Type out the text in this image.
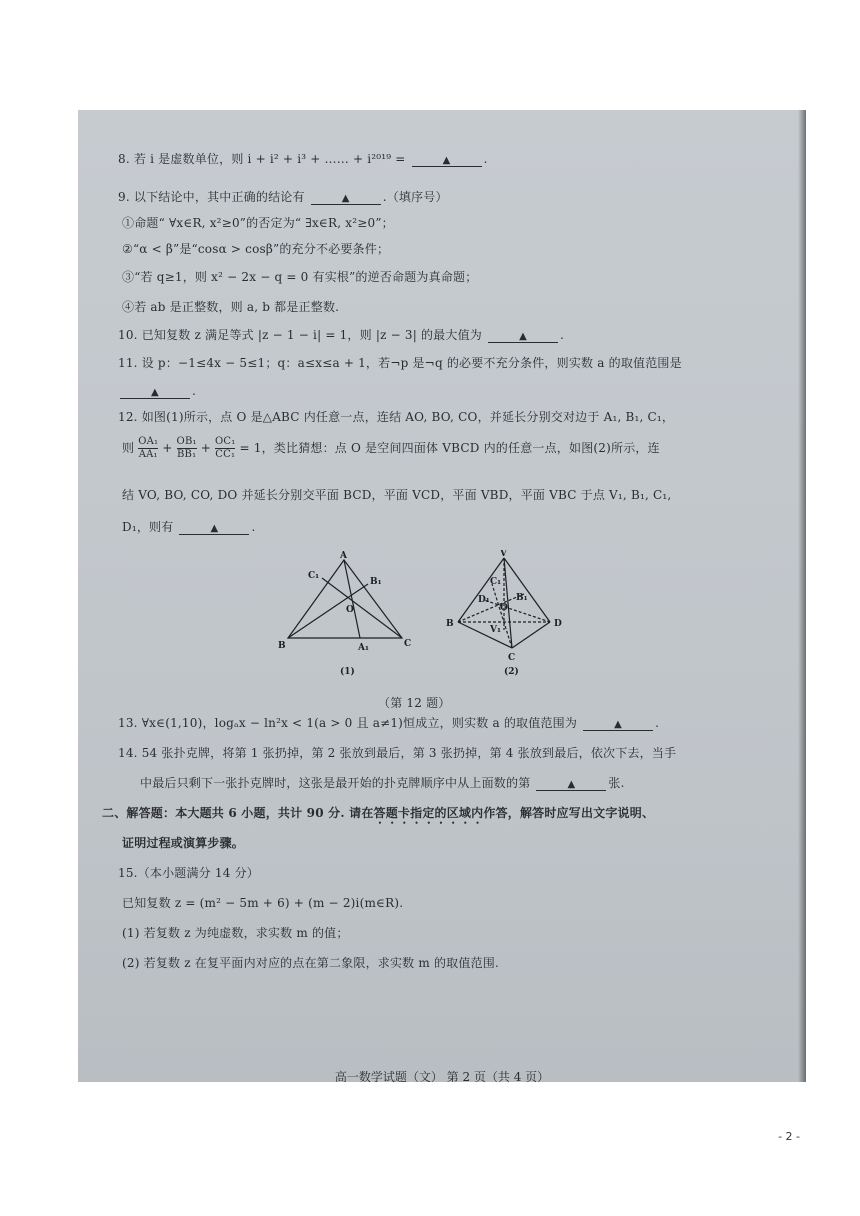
8. 若 i 是虚数单位，则 i + i² + i³ + …… + i²⁰¹⁹ =	▲	.
9. 以下结论中，其中正确的结论有	▲	.（填序号）
①命题“ ∀x∈R, x²≥0”的否定为“ ∃x∈R, x²≥0”；
②“α < β”是“cosα > cosβ”的充分不必要条件；
③“若 q≥1，则 x² − 2x − q = 0 有实根”的逆否命题为真命题；
④若 ab 是正整数，则 a, b 都是正整数.
10. 已知复数 z 满足等式 |z − 1 − i| = 1，则 |z − 3| 的最大值为	▲	.
11. 设 p：−1≤4x − 5≤1；q：a≤x≤a + 1，若¬p 是¬q 的必要不充分条件，则实数 a 的取值范围是
▲	.
12. 如图(1)所示，点 O 是△ABC 内任意一点，连结 AO, BO, CO，并延长分别交对边于 A₁, B₁, C₁，
则 $\frac{\text{OA₁}}{\text{AA₁}} + \frac{\text{OB₁}}{\text{BB₁}} + \frac{\text{OC₁}}{\text{CC₁}} = 1$，类比猜想：点 O 是空间四面体 VBCD 内的任意一点，如图(2)所示，连
结 VO, BO, CO, DO 并延长分别交平面 BCD，平面 VCD，平面 VBD，平面 VBC 于点 V₁, B₁, C₁,
D₁，则有	▲	.
A
B	C
O
A₁
B₁
C₁
(1)
V
B
C
D
O
B₁
C₁
D₁
V₁
(2)
（第 12 题）
13. ∀x∈(1,10)，logₐx − ln²x < 1(a > 0 且 a≠1)恒成立，则实数 a 的取值范围为	▲	.
14. 54 张扑克牌，将第 1 张扔掉，第 2 张放到最后，第 3 张扔掉，第 4 张放到最后，依次下去，当手
中最后只剩下一张扑克牌时，这张是最开始的扑克牌顺序中从上面数的第	▲	张.
二、解答题：本大题共 6 小题，共计 90 分. 请在答题卡指定的区域内作答，解答时应写出文字说明、
证明过程或演算步骤。
15.（本小题满分 14 分）
已知复数 z = (m² − 5m + 6) + (m − 2)i(m∈R).
(1) 若复数 z 为纯虚数，求实数 m 的值；
(2) 若复数 z 在复平面内对应的点在第二象限，求实数 m 的取值范围.
高一数学试题（文） 第 2 页（共 4 页）
- 2 -
